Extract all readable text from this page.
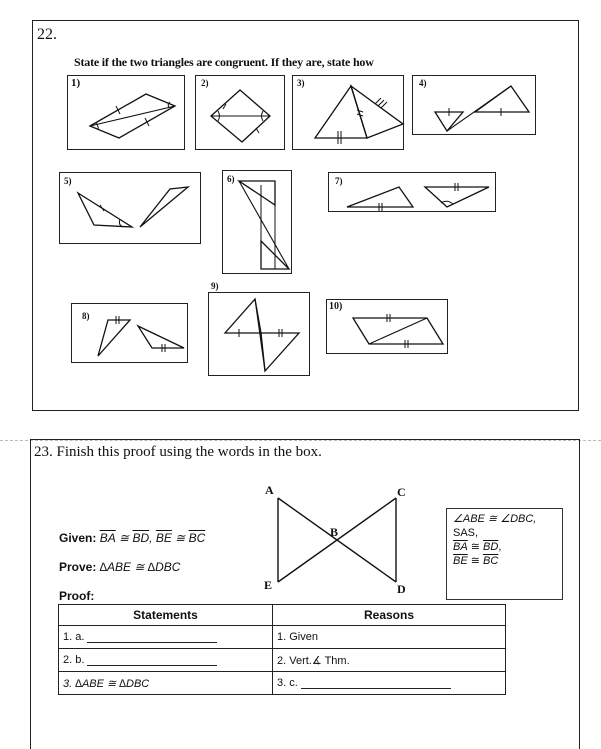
22.
State if the two triangles are congruent. If they are, state how
1)	2)	3)	4)
5)	6)	7)
8)
9)
10)
23. Finish this proof using the words in the box.
Given: $\overline{BA}$ ≅ $\overline{BD}$, $\overline{BE}$ ≅ $\overline{BC}$
Prove: ∆ABE ≅ ∆DBC
Proof:
A	C
B
E	D
∠ABE ≅ ∠DBC,
SAS,
$\overline{BA}$ ≅ $\overline{BD}$,
$\overline{BE}$ ≅ $\overline{BC}$
Statements	Reasons
1. a.	1. Given
2. b.	2. Vert.∡ Thm.
3. ∆ABE ≅ ∆DBC	3. c.
